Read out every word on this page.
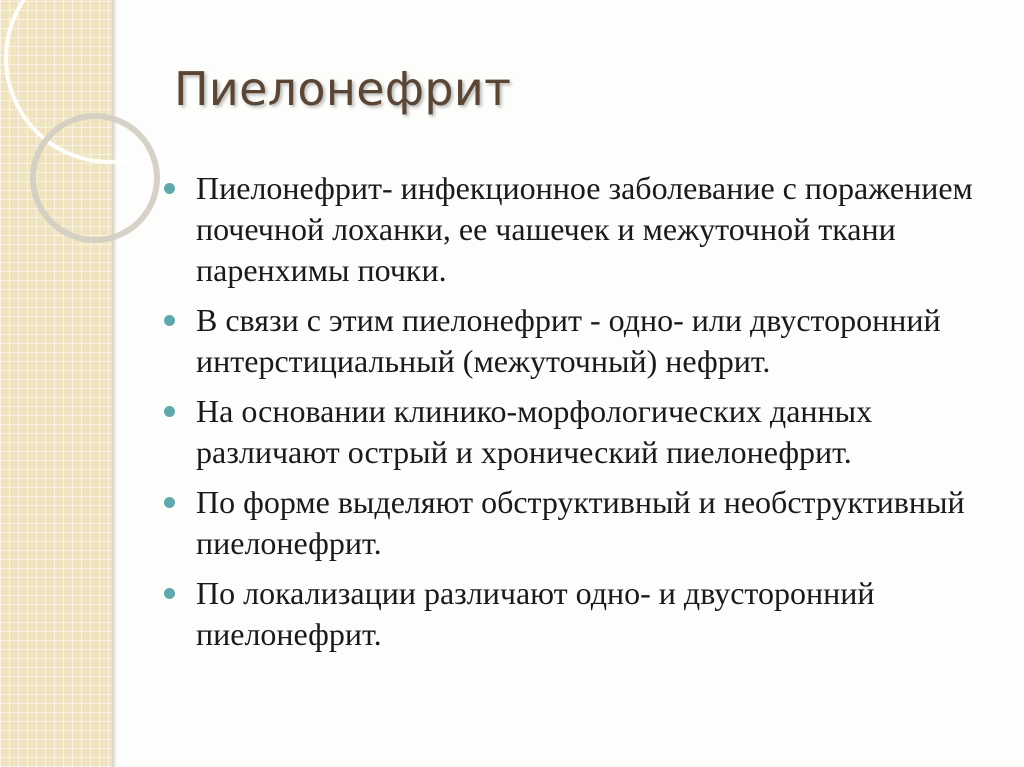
Пиелонефрит
Пиелонефрит- инфекционное заболевание с поражением почечной лоханки, ее чашечек и межуточной ткани паренхимы почки.
В связи с этим пиелонефрит - одно- или двусторонний интерстициальный (межуточный) нефрит.
На основании клинико-морфологических данных различают острый и хронический пиелонефрит.
По форме выделяют обструктивный и необструктивный пиелонефрит.
По локализации различают одно- и двусторонний пиелонефрит.
